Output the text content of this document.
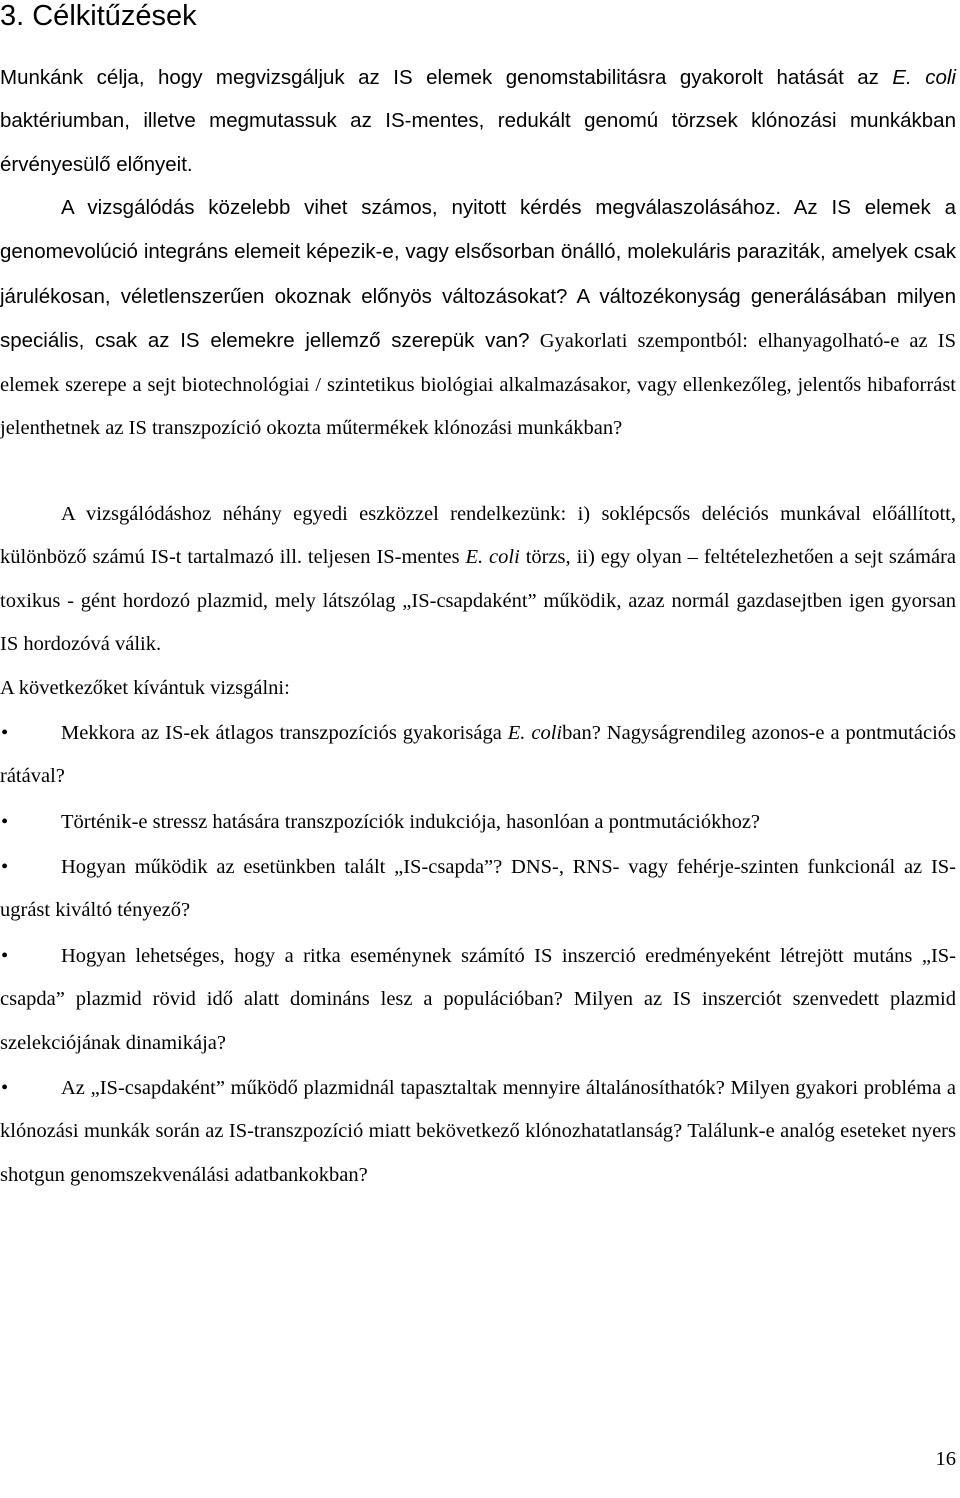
3. Célkitűzések

Munkánk célja, hogy megvizsgáljuk az IS elemek genomstabilitásra gyakorolt hatását az E. coli baktériumban, illetve megmutassuk az IS-mentes, redukált genomú törzsek klónozási munkákban érvényesülő előnyeit.

A vizsgálódás közelebb vihet számos, nyitott kérdés megválaszolásához. Az IS elemek a genomevolúció integráns elemeit képezik-e, vagy elsősorban önálló, molekuláris paraziták, amelyek csak járulékosan, véletlenszerűen okoznak előnyös változásokat? A változékonyság generálásában milyen speciális, csak az IS elemekre jellemző szerepük van? Gyakorlati szempontból: elhanyagolható-e az IS elemek szerepe a sejt biotechnológiai / szintetikus biológiai alkalmazásakor, vagy ellenkezőleg, jelentős hibaforrást jelenthetnek az IS transzpozíció okozta műtermékek klónozási munkákban?

A vizsgálódáshoz néhány egyedi eszközzel rendelkezünk: i) soklépcsős deléciós munkával előállított, különböző számú IS-t tartalmazó ill. teljesen IS-mentes E. coli törzs, ii) egy olyan – feltételezhetően a sejt számára toxikus - gént hordozó plazmid, mely látszólag „IS-csapdaként” működik, azaz normál gazdasejtben igen gyorsan IS hordozóvá válik.

A következőket kívántuk vizsgálni:

•	Mekkora az IS-ek átlagos transzpozíciós gyakorisága E. coliban? Nagyságrendileg azonos-e a pontmutációs rátával?

•	Történik-e stressz hatására transzpozíciók indukciója, hasonlóan a pontmutációkhoz?

•	Hogyan működik az esetünkben talált „IS-csapda”? DNS-, RNS- vagy fehérje-szinten funkcionál az IS-ugrást kiváltó tényező?

•	Hogyan lehetséges, hogy a ritka eseménynek számító IS inszerció eredményeként létrejött mutáns „IS-csapda” plazmid rövid idő alatt domináns lesz a populációban? Milyen az IS inszerciót szenvedett plazmid szelekciójának dinamikája?

•	Az „IS-csapdaként” működő plazmidnál tapasztaltak mennyire általánosíthatók? Milyen gyakori probléma a klónozási munkák során az IS-transzpozíció miatt bekövetkező klónozhatatlanság? Találunk-e analóg eseteket nyers shotgun genomszekvenálási adatbankokban?

16
